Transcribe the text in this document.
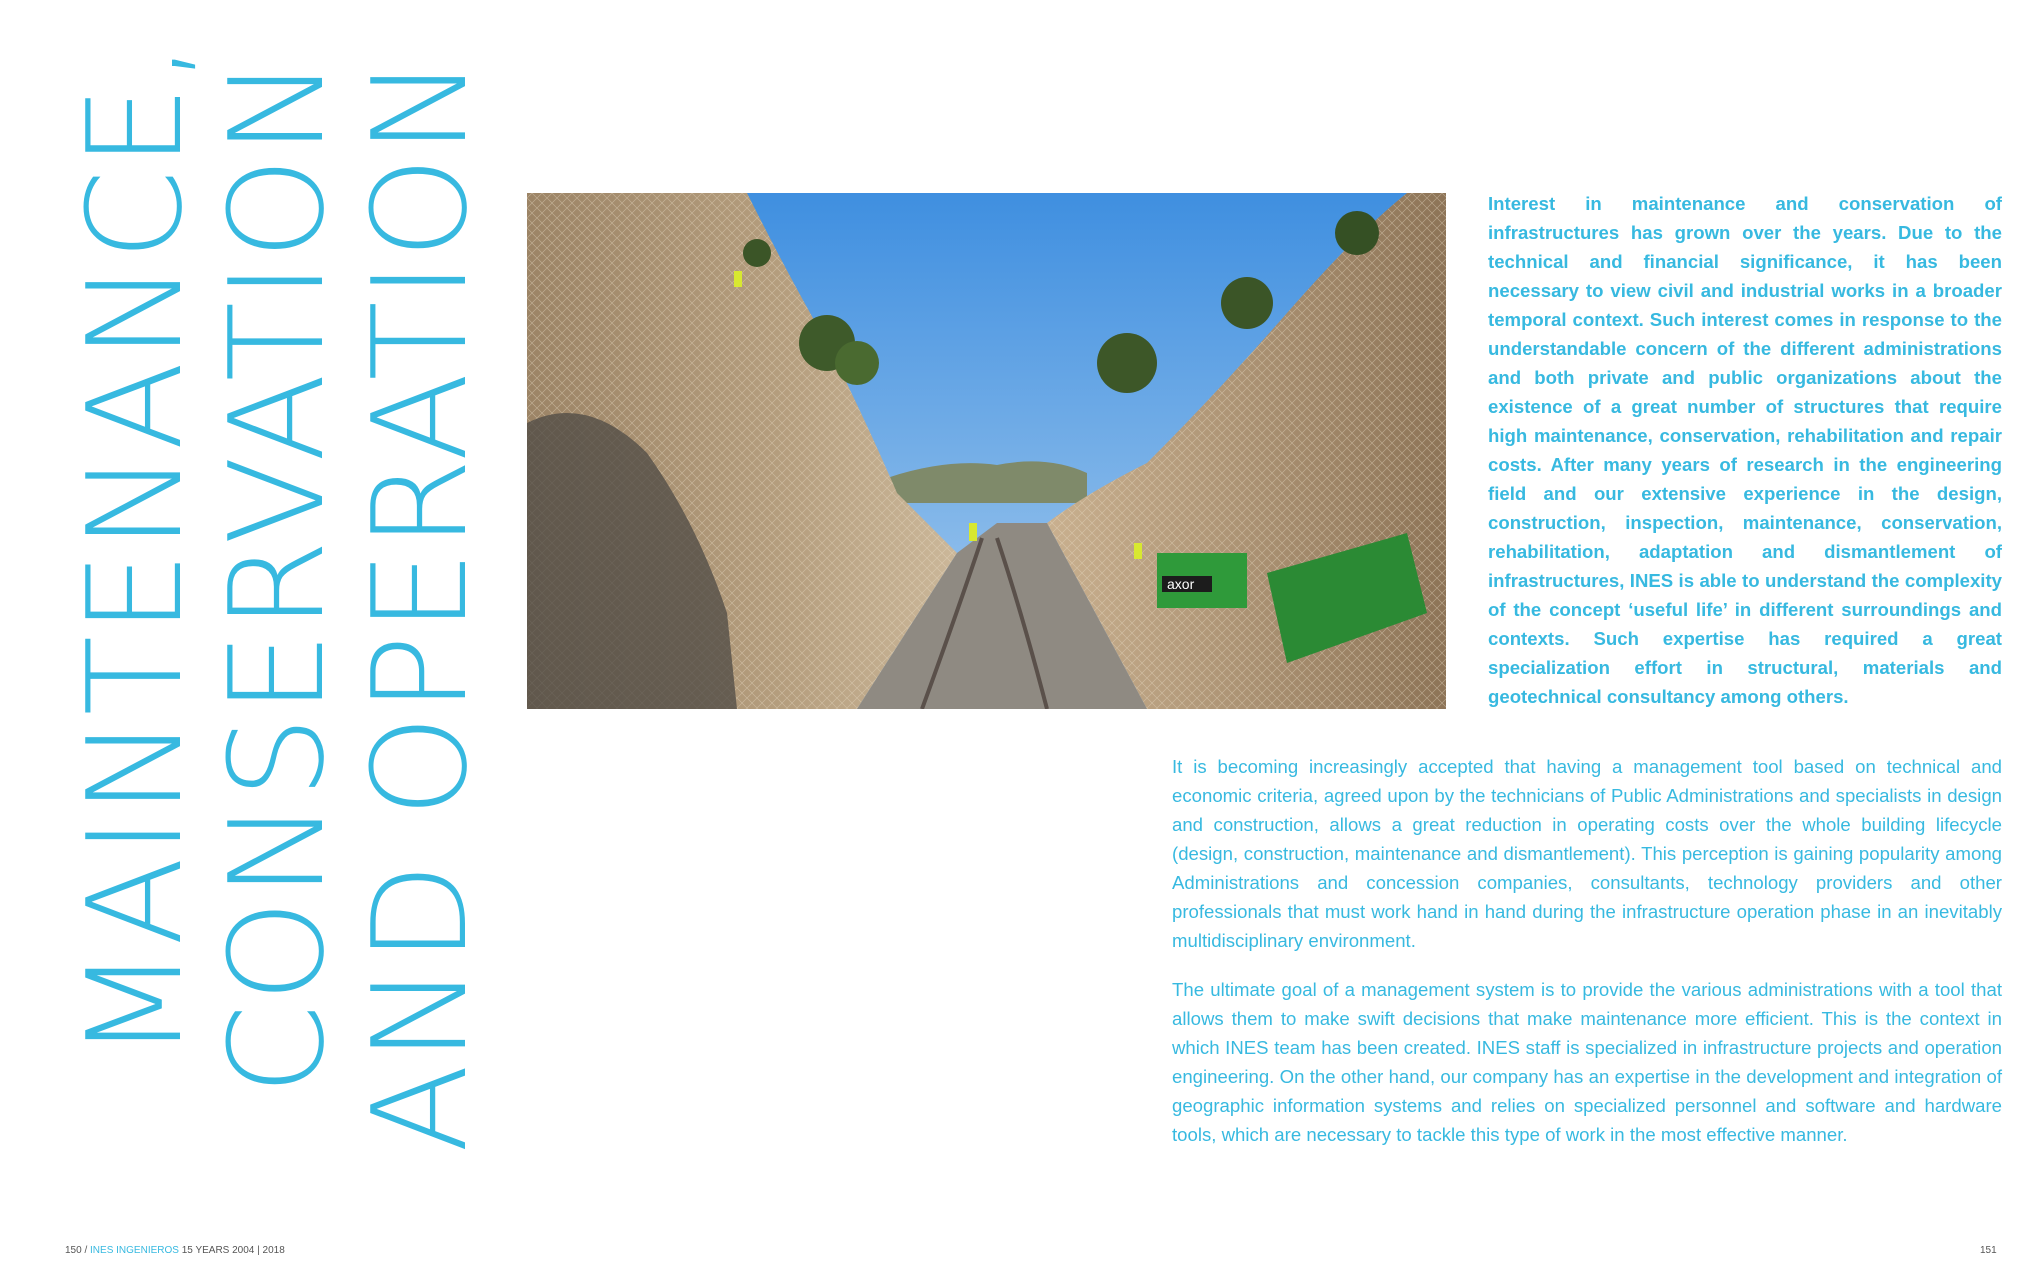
MAINTENANCE,
CONSERVATION
AND OPERATION	axor

Interest in maintenance and conservation of infrastructures has grown over the years. Due to the technical and financial significance, it has been necessary to view civil and industrial works in a broader temporal context. Such interest comes in response to the understandable concern of the different administrations and both private and public organizations about the existence of a great number of structures that require high maintenance, conservation, rehabilitation and repair costs. After many years of research in the engineering field and our extensive experience in the design, construction, inspection, maintenance, conservation, rehabilitation, adaptation and dismantlement of infrastructures, INES is able to understand the complexity of the concept ‘useful life’ in different surroundings and contexts. Such expertise has required a great specialization effort in structural, materials and geotechnical consultancy among others.

It is becoming increasingly accepted that having a management tool based on technical and economic criteria, agreed upon by the technicians of Public Administrations and specialists in design and construction, allows a great reduction in operating costs over the whole building lifecycle (design, construction, maintenance and dismantlement). This perception is gaining popularity among Administrations and concession companies, consultants, technology providers and other professionals that must work hand in hand during the infrastructure operation phase in an inevitably multidisciplinary environment.

The ultimate goal of a management system is to provide the various administrations with a tool that allows them to make swift decisions that make maintenance more efficient. This is the context in which INES team has been created. INES staff is specialized in infrastructure projects and operation engineering. On the other hand, our company has an expertise in the development and integration of geographic information systems and relies on specialized personnel and software and hardware tools, which are necessary to tackle this type of work in the most effective manner.

150 / INES INGENIEROS 15 YEARS 2004 | 2018	151
